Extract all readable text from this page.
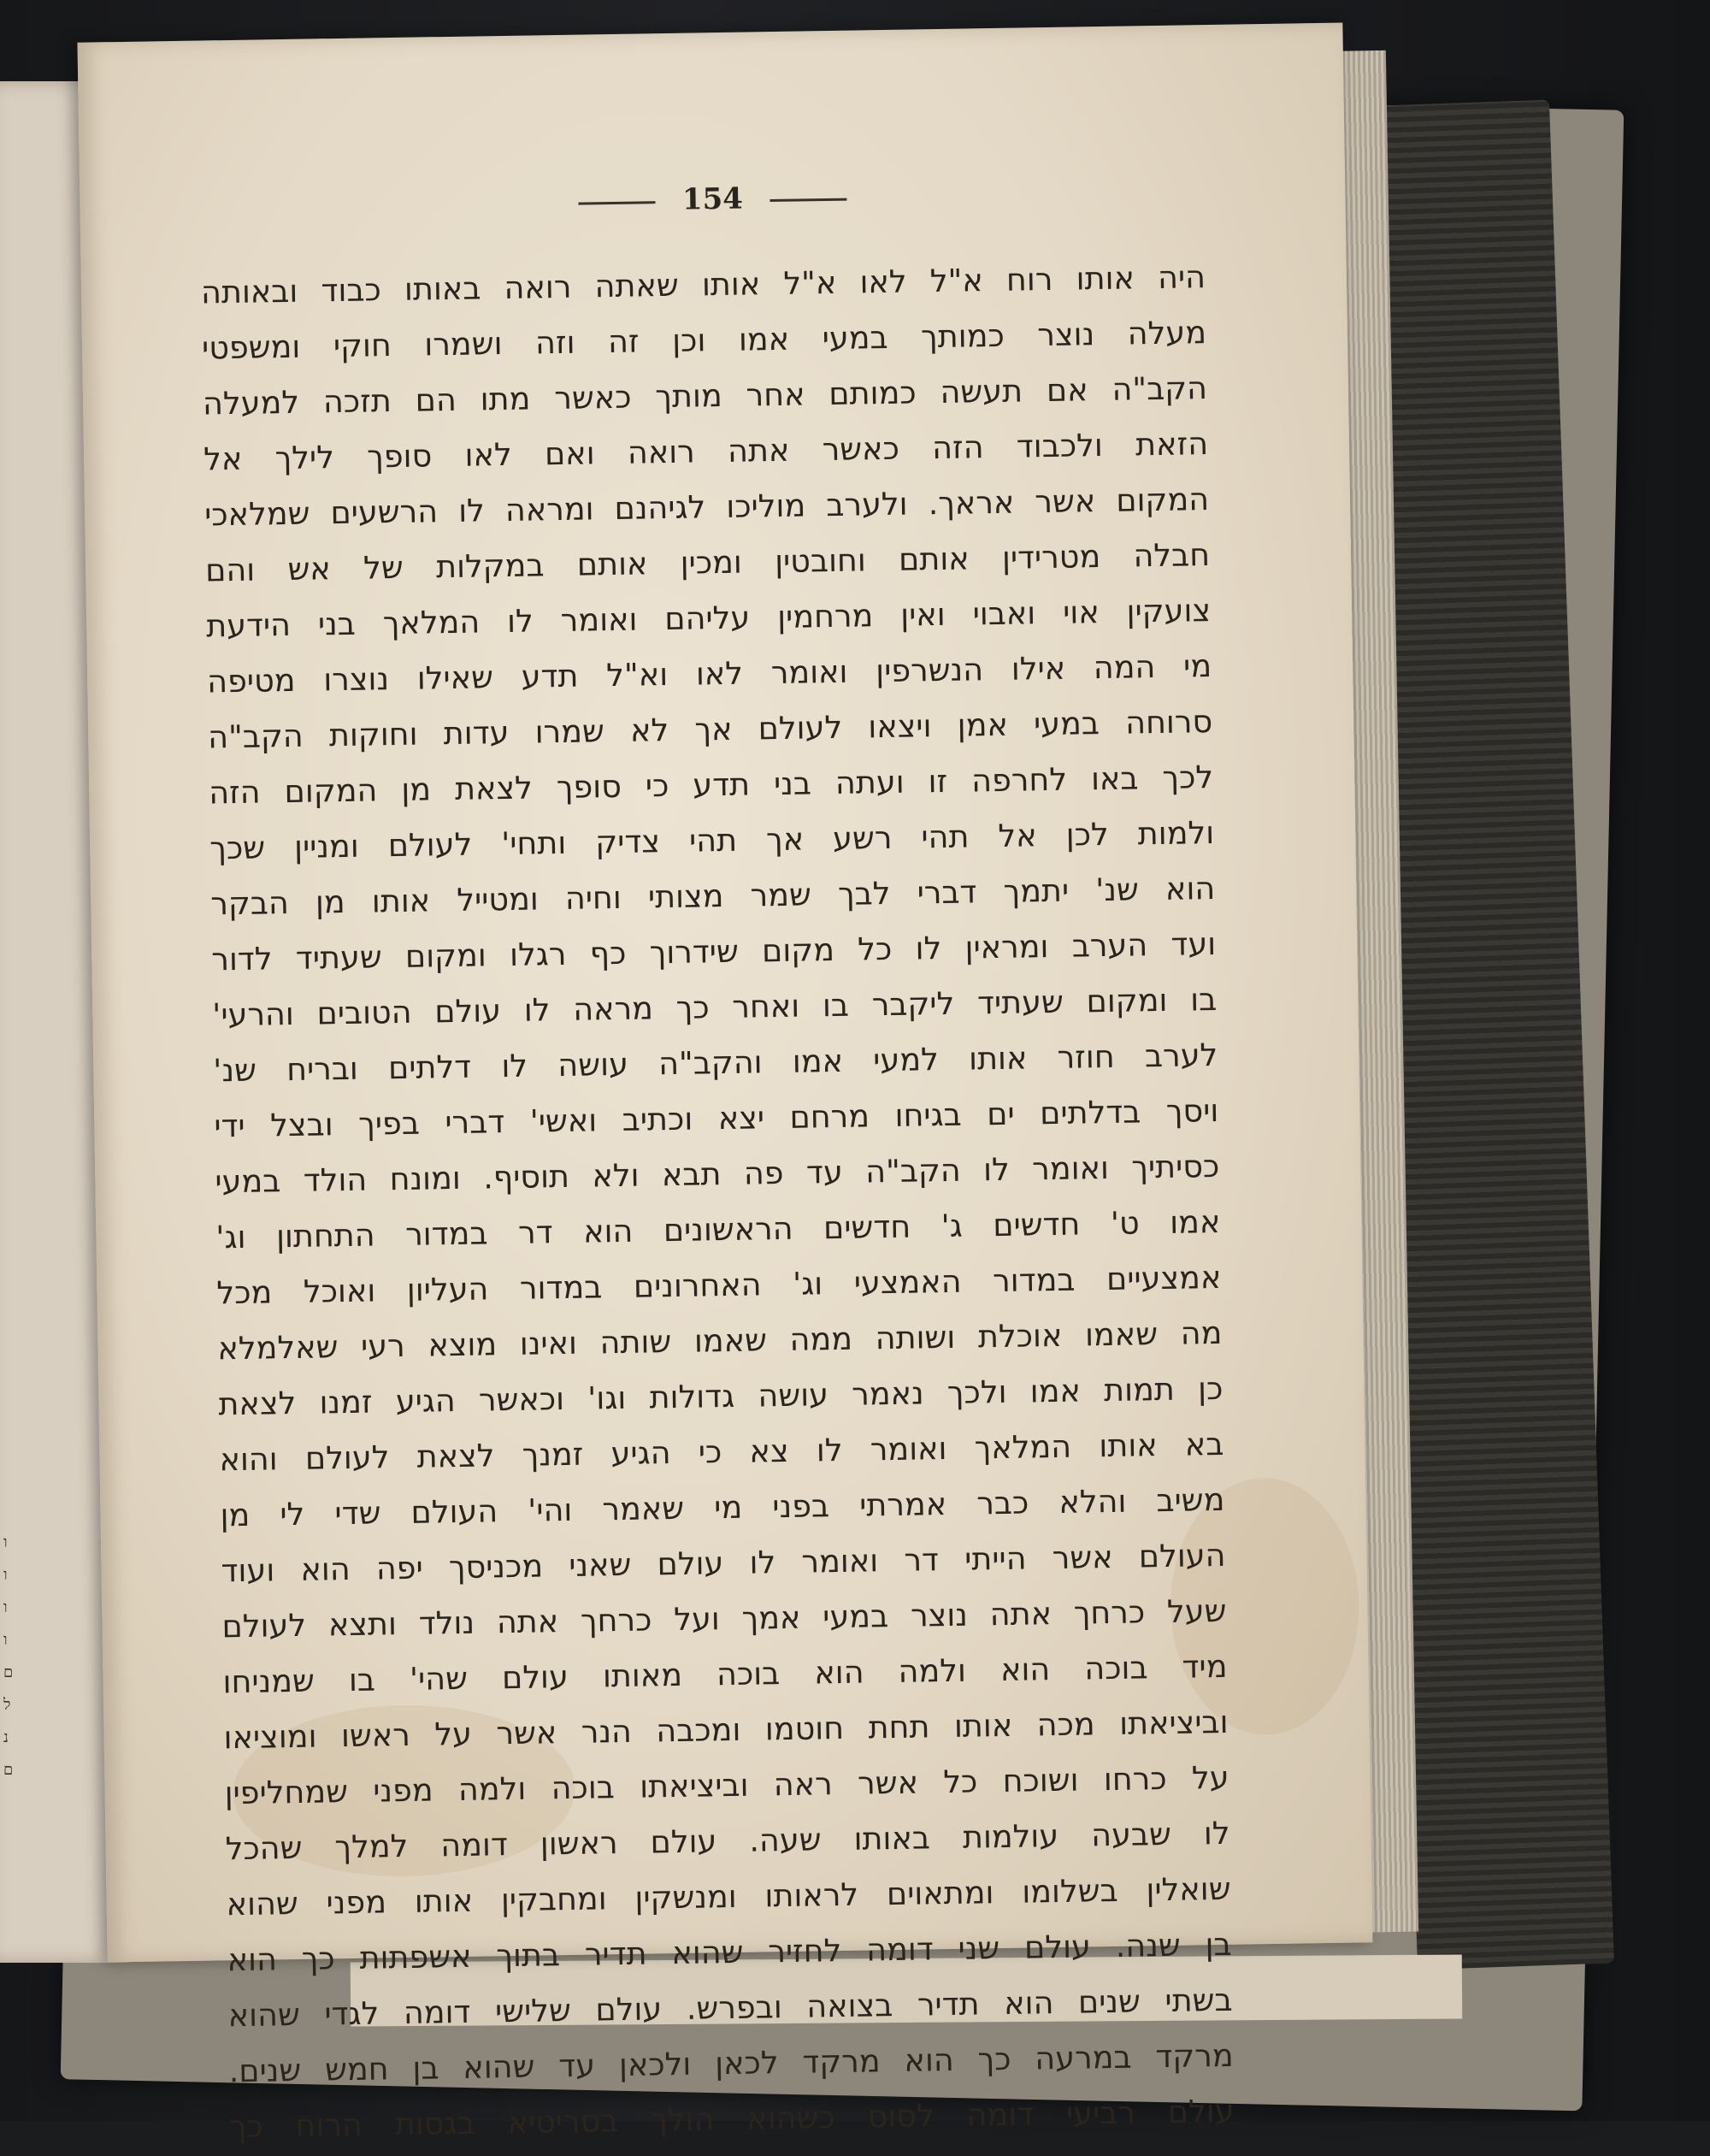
ו
ו
ו
ו
ם
ל
נ
ם
154
היה אותו רוח א"ל לאו א"ל אותו שאתה רואה באותו כבוד ובאותה
מעלה נוצר כמותך במעי אמו וכן זה וזה ושמרו חוקי ומשפטי
הקב"ה אם תעשה כמותם אחר מותך כאשר מתו הם תזכה למעלה
הזאת ולכבוד הזה כאשר אתה רואה ואם לאו סופך לילך אל
המקום אשר אראך. ולערב מוליכו לגיהנם ומראה לו הרשעים שמלאכי
חבלה מטרידין אותם וחובטין ומכין אותם במקלות של אש והם
צועקין אוי ואבוי ואין מרחמין עליהם ואומר לו המלאך בני הידעת
מי המה אילו הנשרפין ואומר לאו וא"ל תדע שאילו נוצרו מטיפה
סרוחה במעי אמן ויצאו לעולם אך לא שמרו עדות וחוקות הקב"ה
לכך באו לחרפה זו ועתה בני תדע כי סופך לצאת מן המקום הזה
ולמות לכן אל תהי רשע אך תהי צדיק ותחי' לעולם ומניין שכך
הוא שנ' יתמך דברי לבך שמר מצותי וחיה ומטייל אותו מן הבקר
ועד הערב ומראין לו כל מקום שידרוך כף רגלו ומקום שעתיד לדור
בו ומקום שעתיד ליקבר בו ואחר כך מראה לו עולם הטובים והרעי'
לערב חוזר אותו למעי אמו והקב"ה עושה לו דלתים ובריח שנ'
ויסך בדלתים ים בגיחו מרחם יצא וכתיב ואשי' דברי בפיך ובצל ידי
כסיתיך ואומר לו הקב"ה עד פה תבא ולא תוסיף. ומונח הולד במעי
אמו ט' חדשים ג' חדשים הראשונים הוא דר במדור התחתון וג'
אמצעיים במדור האמצעי וג' האחרונים במדור העליון ואוכל מכל
מה שאמו אוכלת ושותה ממה שאמו שותה ואינו מוצא רעי שאלמלא
כן תמות אמו ולכך נאמר עושה גדולות וגו' וכאשר הגיע זמנו לצאת
בא אותו המלאך ואומר לו צא כי הגיע זמנך לצאת לעולם והוא
משיב והלא כבר אמרתי בפני מי שאמר והי' העולם שדי לי מן
העולם אשר הייתי דר ואומר לו עולם שאני מכניסך יפה הוא ועוד
שעל כרחך אתה נוצר במעי אמך ועל כרחך אתה נולד ותצא לעולם
מיד בוכה הוא ולמה הוא בוכה מאותו עולם שהי' בו שמניחו
וביציאתו מכה אותו תחת חוטמו ומכבה הנר אשר על ראשו ומוציאו
על כרחו ושוכח כל אשר ראה וביציאתו בוכה ולמה מפני שמחליפין
לו שבעה עולמות באותו שעה. עולם ראשון דומה למלך שהכל
שואלין בשלומו ומתאוים לראותו ומנשקין ומחבקין אותו מפני שהוא
בן שנה. עולם שני דומה לחזיר שהוא תדיר בתוך אשפתות כך הוא
בשתי שנים הוא תדיר בצואה ובפרש. עולם שלישי דומה לגדי שהוא
מרקד במרעה כך הוא מרקד לכאן ולכאן עד שהוא בן חמש שנים.
עולם רביעי דומה לסוס כשהוא הולך בסריטיא בגסות הרוח כך
